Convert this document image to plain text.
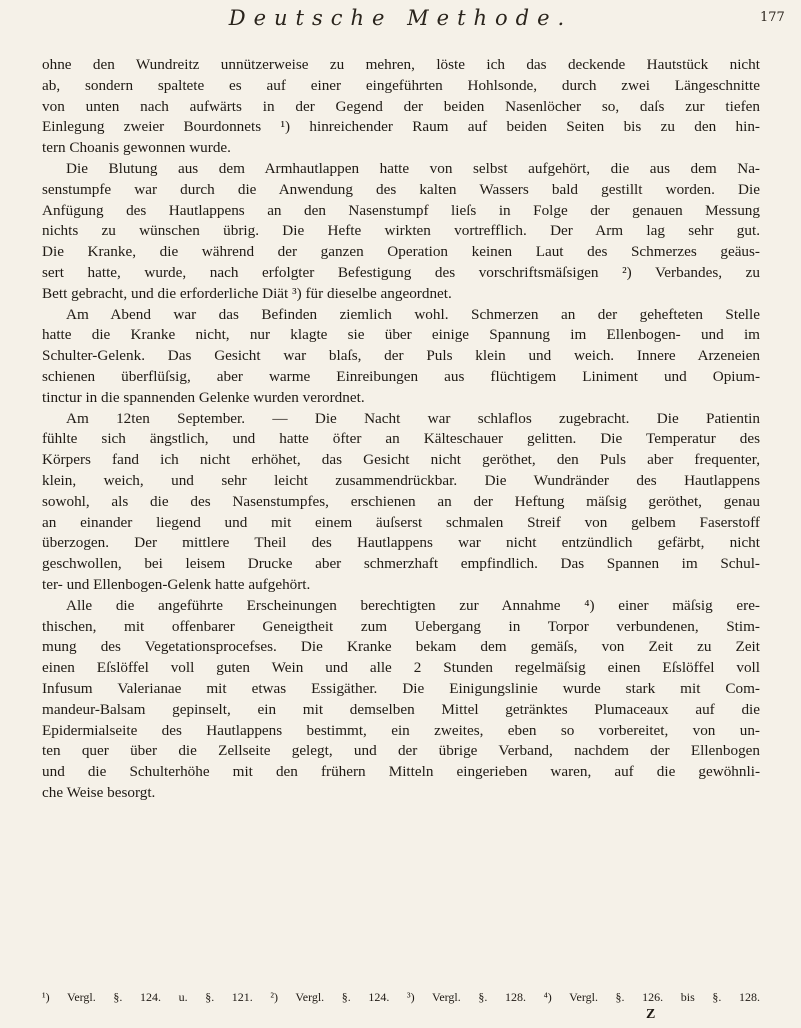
Deutsche Methode.	177
ohne den Wundreitz unnützerweise zu mehren, löste ich das deckende Hautstück nicht
ab, sondern spaltete es auf einer eingeführten Hohlsonde, durch zwei Längeschnitte
von unten nach aufwärts in der Gegend der beiden Nasenlöcher so, daſs zur tiefen
Einlegung zweier Bourdonnets ¹) hinreichender Raum auf beiden Seiten bis zu den hin-
tern Choanis gewonnen wurde.
Die Blutung aus dem Armhautlappen hatte von selbst aufgehört, die aus dem Na-
senstumpfe war durch die Anwendung des kalten Wassers bald gestillt worden. Die
Anfügung des Hautlappens an den Nasenstumpf lieſs in Folge der genauen Messung
nichts zu wünschen übrig. Die Hefte wirkten vortrefflich. Der Arm lag sehr gut.
Die Kranke, die während der ganzen Operation keinen Laut des Schmerzes geäus-
sert hatte, wurde, nach erfolgter Befestigung des vorschriftsmäſsigen ²) Verbandes, zu
Bett gebracht, und die erforderliche Diät ³) für dieselbe angeordnet.
Am Abend war das Befinden ziemlich wohl. Schmerzen an der gehefteten Stelle
hatte die Kranke nicht, nur klagte sie über einige Spannung im Ellenbogen- und im
Schulter-Gelenk. Das Gesicht war blaſs, der Puls klein und weich. Innere Arzeneien
schienen überflüſsig, aber warme Einreibungen aus flüchtigem Liniment und Opium-
tinctur in die spannenden Gelenke wurden verordnet.
Am 12ten September. — Die Nacht war schlaflos zugebracht. Die Patientin
fühlte sich ängstlich, und hatte öfter an Kälteschauer gelitten. Die Temperatur des
Körpers fand ich nicht erhöhet, das Gesicht nicht geröthet, den Puls aber frequenter,
klein, weich, und sehr leicht zusammendrückbar. Die Wundränder des Hautlappens
sowohl, als die des Nasenstumpfes, erschienen an der Heftung mäſsig geröthet, genau
an einander liegend und mit einem äuſserst schmalen Streif von gelbem Faserstoff
überzogen. Der mittlere Theil des Hautlappens war nicht entzündlich gefärbt, nicht
geschwollen, bei leisem Drucke aber schmerzhaft empfindlich. Das Spannen im Schul-
ter- und Ellenbogen-Gelenk hatte aufgehört.
Alle die angeführte Erscheinungen berechtigten zur Annahme ⁴) einer mäſsig ere-
thischen, mit offenbarer Geneigtheit zum Uebergang in Torpor verbundenen, Stim-
mung des Vegetationsprocefses. Die Kranke bekam dem gemäſs, von Zeit zu Zeit
einen Eſslöffel voll guten Wein und alle 2 Stunden regelmäſsig einen Eſslöffel voll
Infusum Valerianae mit etwas Essigäther. Die Einigungslinie wurde stark mit Com-
mandeur-Balsam gepinselt, ein mit demselben Mittel getränktes Plumaceaux auf die
Epidermialseite des Hautlappens bestimmt, ein zweites, eben so vorbereitet, von un-
ten quer über die Zellseite gelegt, und der übrige Verband, nachdem der Ellenbogen
und die Schulterhöhe mit den frühern Mitteln eingerieben waren, auf die gewöhnli-
che Weise besorgt.
¹) Vergl. §. 124. u. §. 121. ²) Vergl. §. 124. ³) Vergl. §. 128. ⁴) Vergl. §. 126. bis §. 128.
Z
